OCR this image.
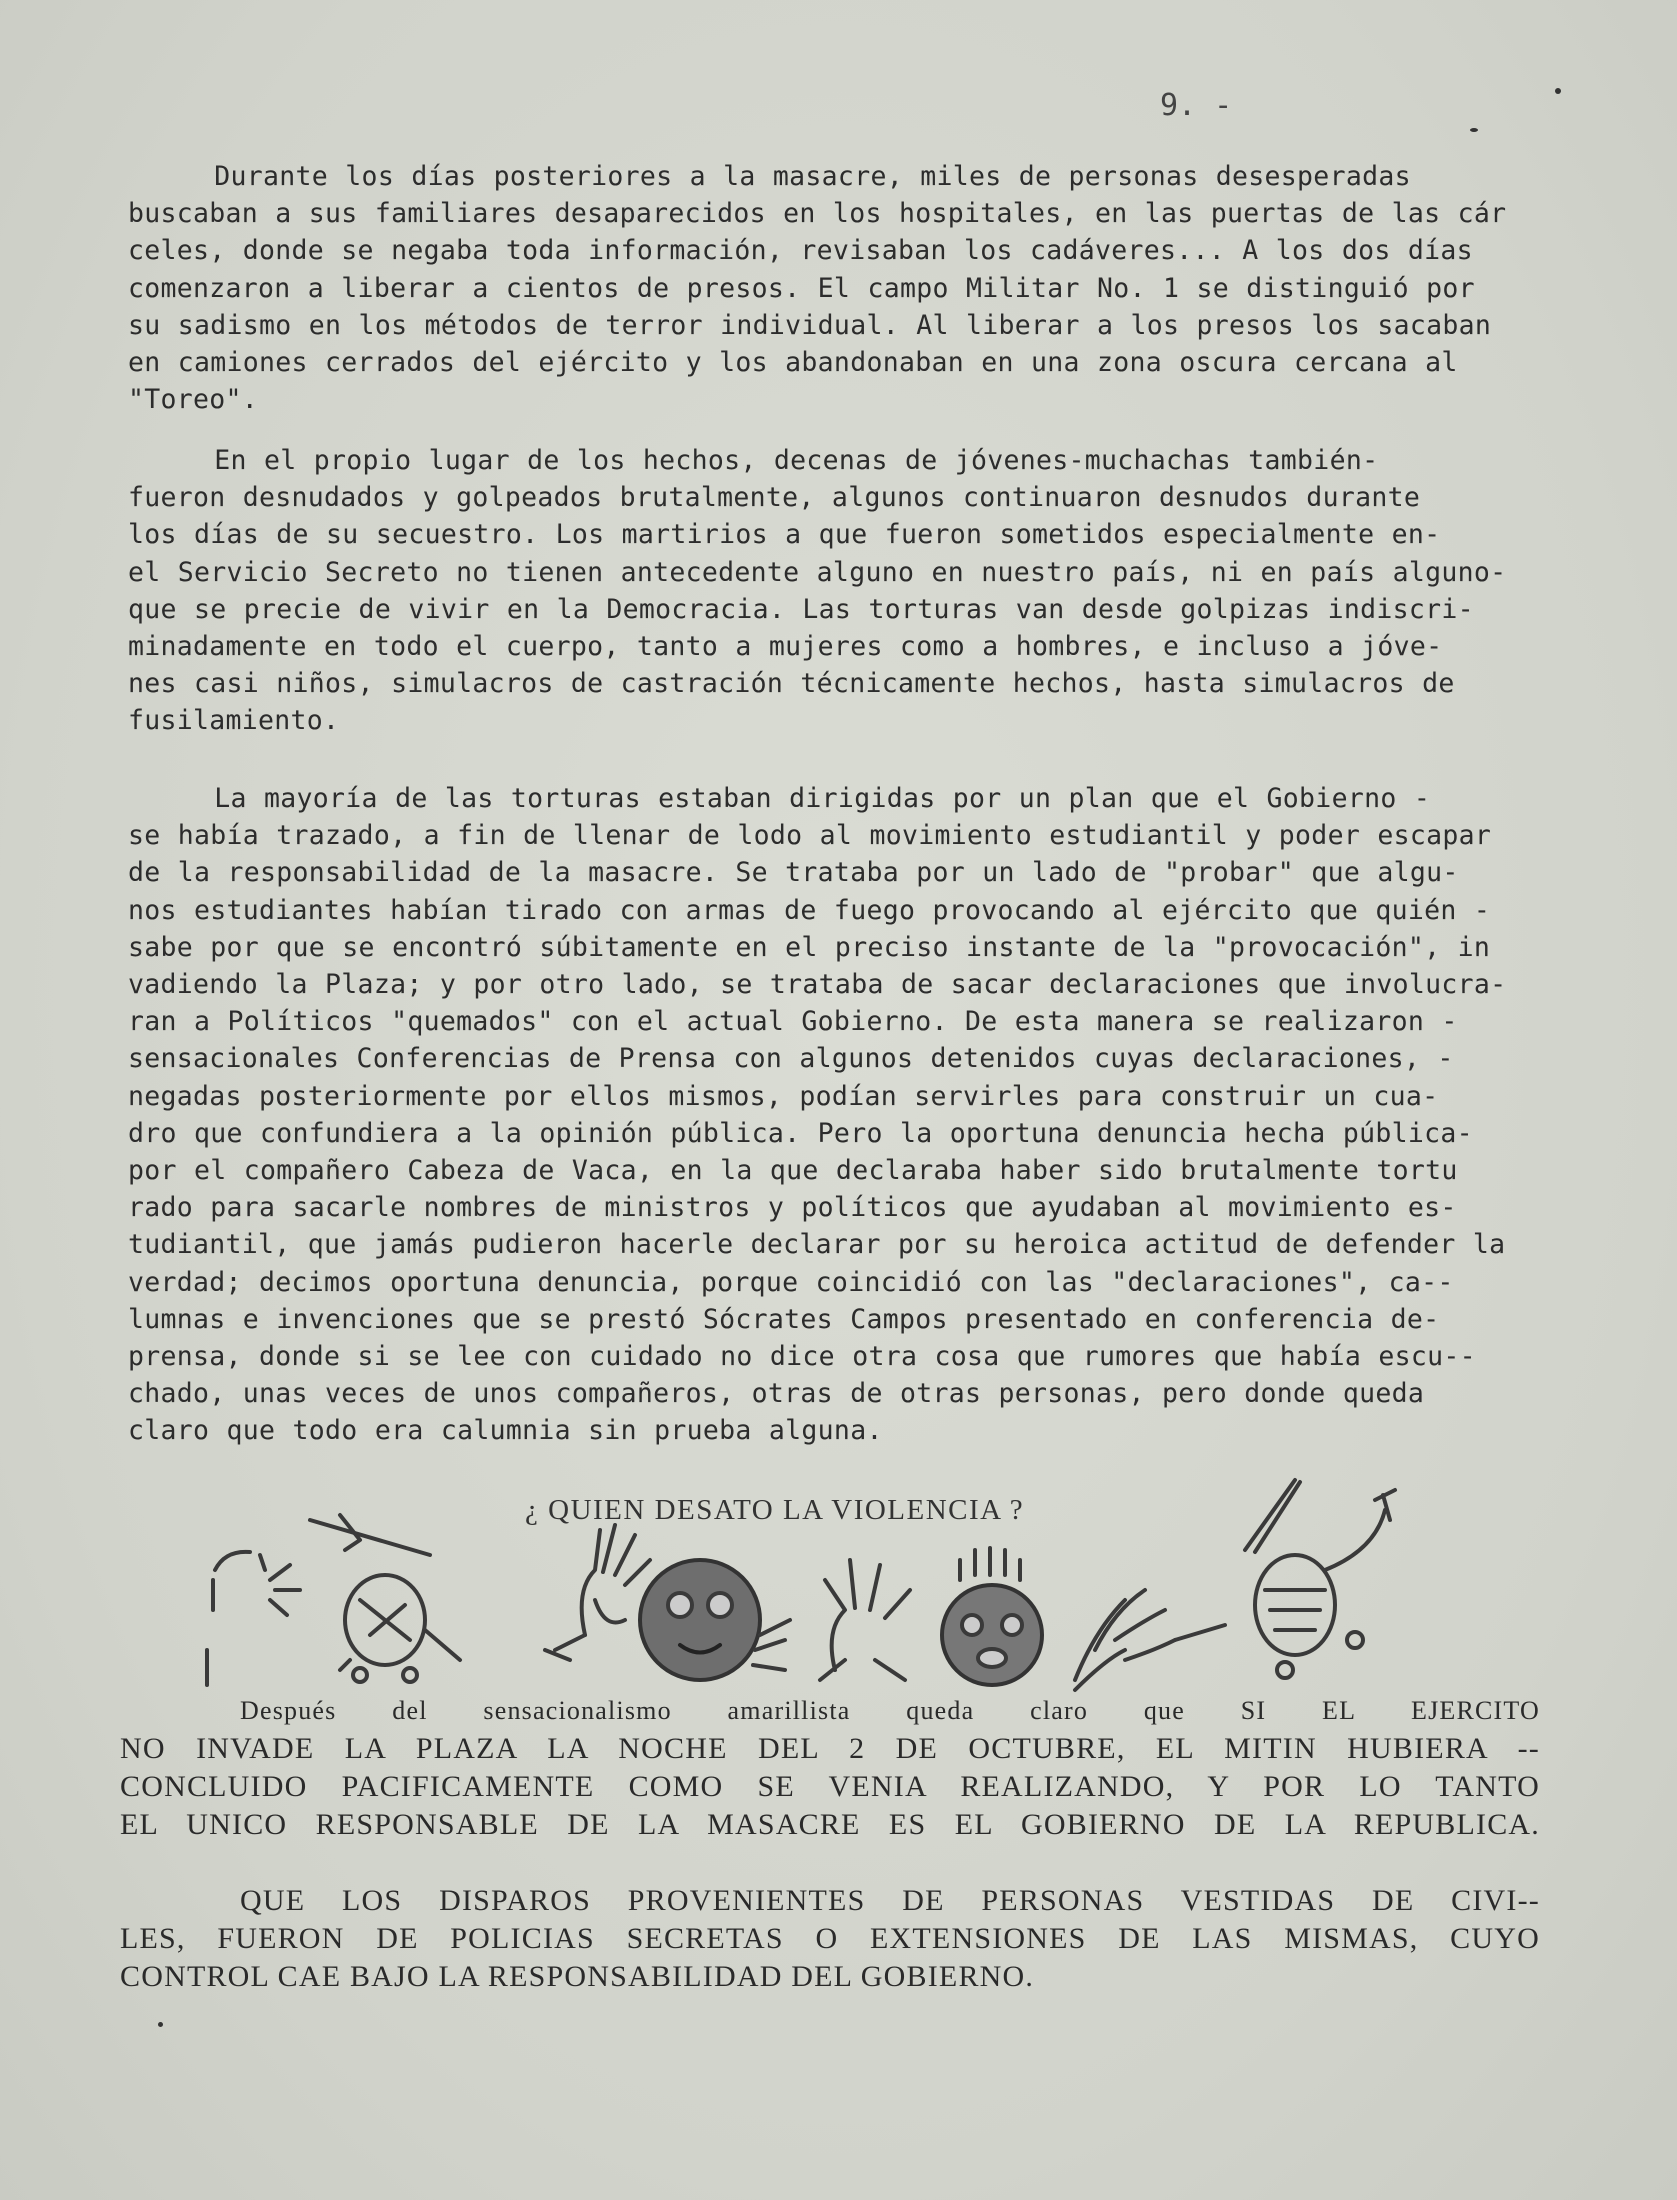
9. -
Durante los días posteriores a la masacre, miles de personas desesperadas
buscaban a sus familiares desaparecidos en los hospitales, en las puertas de las cár
celes, donde se negaba toda información, revisaban los cadáveres... A los dos días
comenzaron a liberar a cientos de presos. El campo Militar No. 1 se distinguió por
su sadismo en los métodos de terror individual. Al liberar a los presos los sacaban
en camiones cerrados del ejército y los abandonaban en una zona oscura cercana al
"Toreo".
En el propio lugar de los hechos, decenas de jóvenes-muchachas también-
fueron desnudados y golpeados brutalmente, algunos continuaron desnudos durante
los días de su secuestro. Los martirios a que fueron sometidos especialmente en-
el Servicio Secreto no tienen antecedente alguno en nuestro país, ni en país alguno-
que se precie de vivir en la Democracia. Las torturas van desde golpizas indiscri-
minadamente en todo el cuerpo, tanto a mujeres como a hombres, e incluso a jóve-
nes casi niños, simulacros de castración técnicamente hechos, hasta simulacros de
fusilamiento.
La mayoría de las torturas estaban dirigidas por un plan que el Gobierno -
se había trazado, a fin de llenar de lodo al movimiento estudiantil y poder escapar
de la responsabilidad de la masacre. Se trataba por un lado de "probar" que algu-
nos estudiantes habían tirado con armas de fuego provocando al ejército que quién -
sabe por que se encontró súbitamente en el preciso instante de la "provocación", in
vadiendo la Plaza; y por otro lado, se trataba de sacar declaraciones que involucra-
ran a Políticos "quemados" con el actual Gobierno. De esta manera se realizaron -
sensacionales Conferencias de Prensa con algunos detenidos cuyas declaraciones, -
negadas posteriormente por ellos mismos, podían servirles para construir un cua-
dro que confundiera a la opinión pública. Pero la oportuna denuncia hecha pública-
por el compañero Cabeza de Vaca, en la que declaraba haber sido brutalmente tortu
rado para sacarle nombres de ministros y políticos que ayudaban al movimiento es-
tudiantil, que jamás pudieron hacerle declarar por su heroica actitud de defender la
verdad; decimos oportuna denuncia, porque coincidió con las "declaraciones", ca--
lumnas e invenciones que se prestó Sócrates Campos presentado en conferencia de-
prensa, donde si se lee con cuidado no dice otra cosa que rumores que había escu--
chado, unas veces de unos compañeros, otras de otras personas, pero donde queda
claro que todo era calumnia sin prueba alguna.
¿ QUIEN DESATO LA VIOLENCIA ?
Después del sensacionalismo amarillista queda claro que SI EL EJERCITO
NO INVADE LA PLAZA LA NOCHE DEL 2 DE OCTUBRE, EL MITIN HUBIERA --
CONCLUIDO PACIFICAMENTE COMO SE VENIA REALIZANDO, Y POR LO TANTO
EL UNICO RESPONSABLE DE LA MASACRE ES EL GOBIERNO DE LA REPUBLICA.
QUE LOS DISPAROS PROVENIENTES DE PERSONAS VESTIDAS DE CIVI--
LES, FUERON DE POLICIAS SECRETAS O EXTENSIONES DE LAS MISMAS, CUYO
CONTROL CAE BAJO LA RESPONSABILIDAD DEL GOBIERNO.
